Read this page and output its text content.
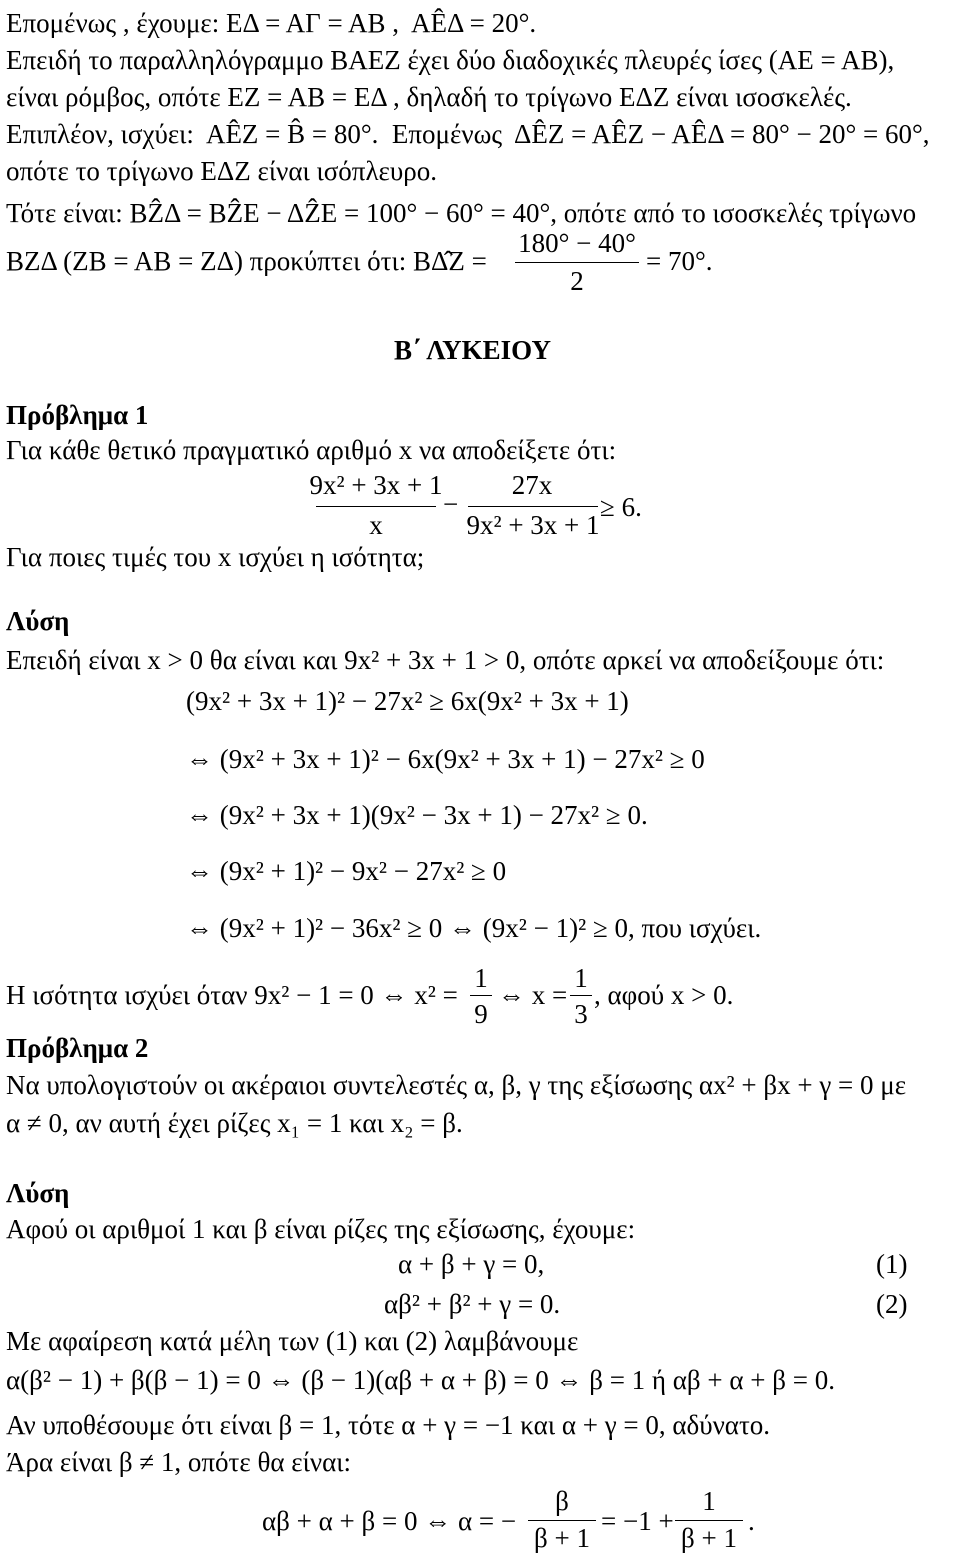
Επομένως , έχουμε: ΕΔ = ΑΓ = ΑΒ ,  ΑÊΔ = 20°.
Επειδή το παραλληλόγραμμο ΒΑΕΖ έχει δύο διαδοχικές πλευρές ίσες (ΑΕ = ΑΒ),
είναι ρόμβος, οπότε ΕΖ = ΑΒ = ΕΔ , δηλαδή το τρίγωνο ΕΔΖ είναι ισοσκελές.
Επιπλέον, ισχύει:  ΑÊΖ = B̂ = 80°.  Επομένως  ΔÊΖ = ΑÊΖ − ΑÊΔ = 80° − 20° = 60°,
οπότε το τρίγωνο ΕΔΖ είναι ισόπλευρο.
Τότε είναι: ΒẐΔ = ΒẐΕ − ΔẐΕ = 100° − 60° = 40°, οπότε από το ισοσκελές τρίγωνο
ΒΖΔ (ΖΒ = ΑΒ = ΖΔ) προκύπτει ότι: ΒΔ̂Ζ =
180° − 40°
2
= 70°.
Β΄ ΛΥΚΕΙΟΥ
Πρόβλημα 1
Για κάθε θετικό πραγματικό αριθμό x να αποδείξετε ότι:
9x² + 3x + 1
x
−
27x
9x² + 3x + 1
≥ 6.
Για ποιες τιμές του x ισχύει η ισότητα;
Λύση
Επειδή είναι x > 0 θα είναι και 9x² + 3x + 1 > 0, οπότε αρκεί να αποδείξουμε ότι:
(9x² + 3x + 1)² − 27x² ≥ 6x(9x² + 3x + 1)
⇔ (9x² + 3x + 1)² − 6x(9x² + 3x + 1) − 27x² ≥ 0
⇔ (9x² + 3x + 1)(9x² − 3x + 1) − 27x² ≥ 0.
⇔ (9x² + 1)² − 9x² − 27x² ≥ 0
⇔ (9x² + 1)² − 36x² ≥ 0 ⇔ (9x² − 1)² ≥ 0, που ισχύει.
Η ισότητα ισχύει όταν 9x² − 1 = 0 ⇔ x² =
1
9
⇔ x =
1
3
, αφού x > 0.
Πρόβλημα 2
Να υπολογιστούν οι ακέραιοι συντελεστές α, β, γ της εξίσωσης αx² + βx + γ = 0 με
α ≠ 0, αν αυτή έχει ρίζες x₁ = 1 και x₂ = β.
Λύση
Αφού οι αριθμοί 1 και β είναι ρίζες της εξίσωσης, έχουμε:
α + β + γ = 0,	(1)
αβ² + β² + γ = 0.	(2)
Με αφαίρεση κατά μέλη των (1) και (2) λαμβάνουμε
α(β² − 1) + β(β − 1) = 0 ⇔ (β − 1)(αβ + α + β) = 0 ⇔ β = 1 ή αβ + α + β = 0.
Αν υποθέσουμε ότι είναι β = 1, τότε α + γ = −1 και α + γ = 0, αδύνατο.
Άρα είναι β ≠ 1, οπότε θα είναι:
αβ + α + β = 0 ⇔ α = −
β
β + 1
= −1 +
1
β + 1
.
